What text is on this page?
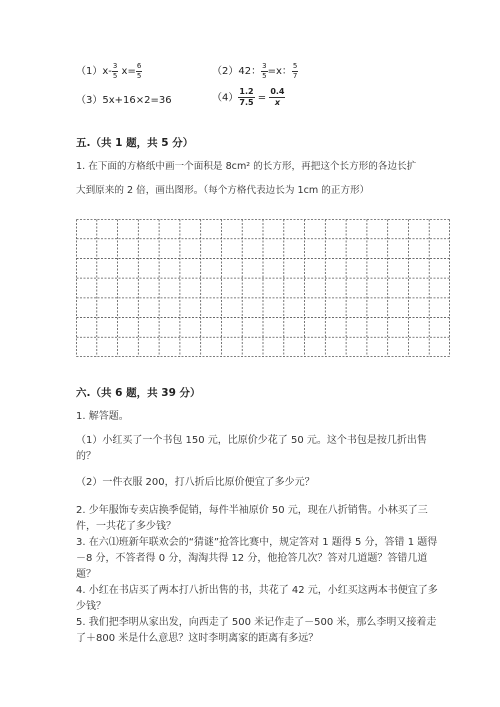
$(1)x- \frac{3}{5} x= \frac{6}{5}$	（2）42： $\frac{3}{5} =x$： $\frac{5}{7}$
（3）5x+16×2=36	$(4) \frac{1.2}{7.5} = \frac{0.4}{x}$
五.（共 1 题，共 5 分）
1. 在下面的方格纸中画一个面积是 8cm² 的长方形，再把这个长方形的各边长扩
大到原来的 2 倍，画出图形。（每个方格代表边长为 1cm 的正方形）
六.（共 6 题，共 39 分）
1. 解答题。
（1）小红买了一个书包 150 元，比原价少花了 50 元。这个书包是按几折出售的？
（2）一件衣服 200，打八折后比原价便宜了多少元？
2. 少年服饰专卖店换季促销，每件半袖原价 50 元，现在八折销售。小林买了三件，一共花了多少钱？
3. 在六⑴班新年联欢会的“猜谜”抢答比赛中，规定答对 1 题得 5 分，答错 1 题得－8 分，不答者得 0 分，淘淘共得 12 分，他抢答几次？答对几道题？答错几道题？
4. 小红在书店买了两本打八折出售的书，共花了 42 元，小红买这两本书便宜了多少钱？
5. 我们把李明从家出发，向西走了 500 米记作走了－500 米，那么李明又接着走了＋800 米是什么意思？这时李明离家的距离有多远？
